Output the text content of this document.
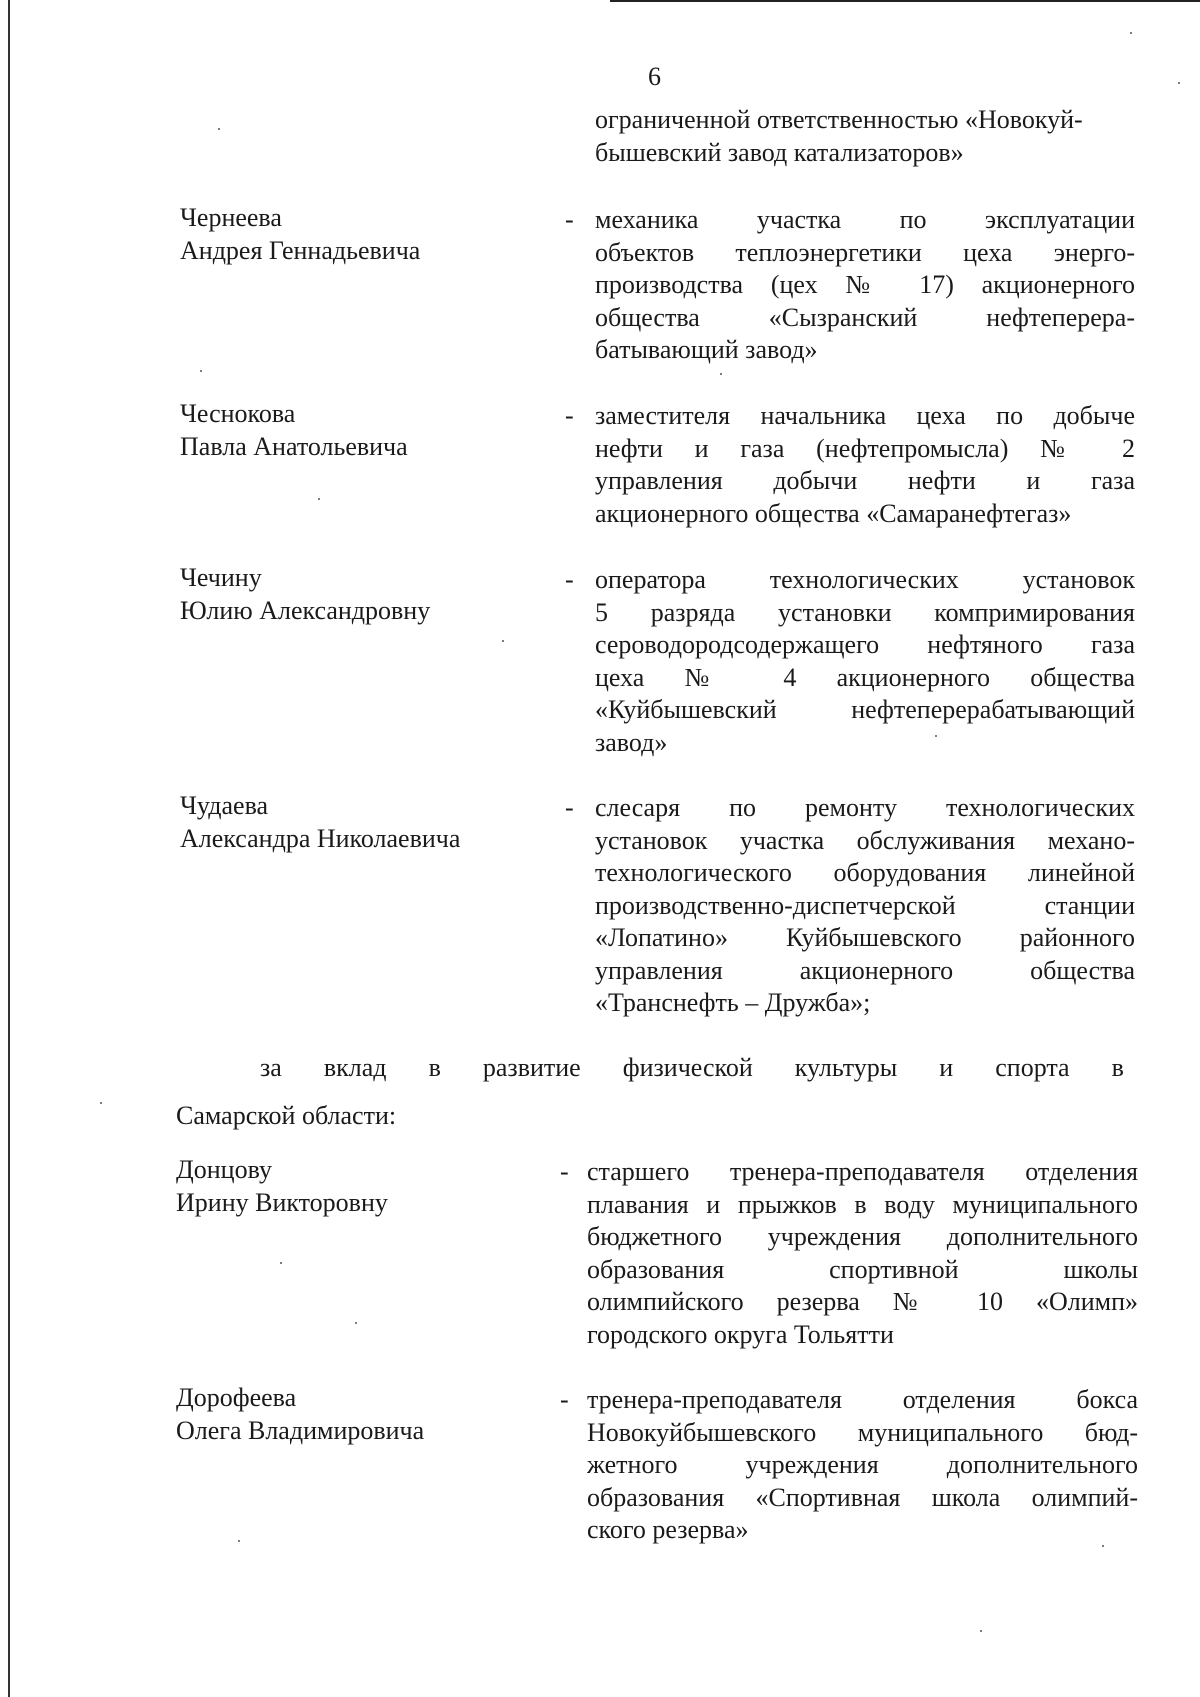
6
ограниченной ответственностью «Новокуй-
бышевский завод катализаторов»
Чернеева
Андрея Геннадьевича
- механика участка по эксплуатации
объектов теплоэнергетики цеха энерго-
производства (цех № 17) акционерного
общества «Сызранский нефтеперера-
батывающий завод»
Чеснокова
Павла Анатольевича
- заместителя начальника цеха по добыче
нефти и газа (нефтепромысла) № 2
управления добычи нефти и газа
акционерного общества «Самаранефтегаз»
Чечину
Юлию Александровну
- оператора технологических установок
5 разряда установки компримирования
сероводородсодержащего нефтяного газа
цеха № 4 акционерного общества
«Куйбышевский нефтеперерабатывающий
завод»
Чудаева
Александра Николаевича
- слесаря по ремонту технологических
установок участка обслуживания механо-
технологического оборудования линейной
производственно-диспетчерской станции
«Лопатино» Куйбышевского районного
управления акционерного общества
«Транснефть – Дружба»;
за вклад в развитие физической культуры и спорта в
Самарской области:
Донцову
Ирину Викторовну
- старшего тренера-преподавателя отделения
плавания и прыжков в воду муниципального
бюджетного учреждения дополнительного
образования спортивной школы
олимпийского резерва № 10 «Олимп»
городского округа Тольятти
Дорофеева
Олега Владимировича
- тренера-преподавателя отделения бокса
Новокуйбышевского муниципального бюд-
жетного учреждения дополнительного
образования «Спортивная школа олимпий-
ского резерва»
